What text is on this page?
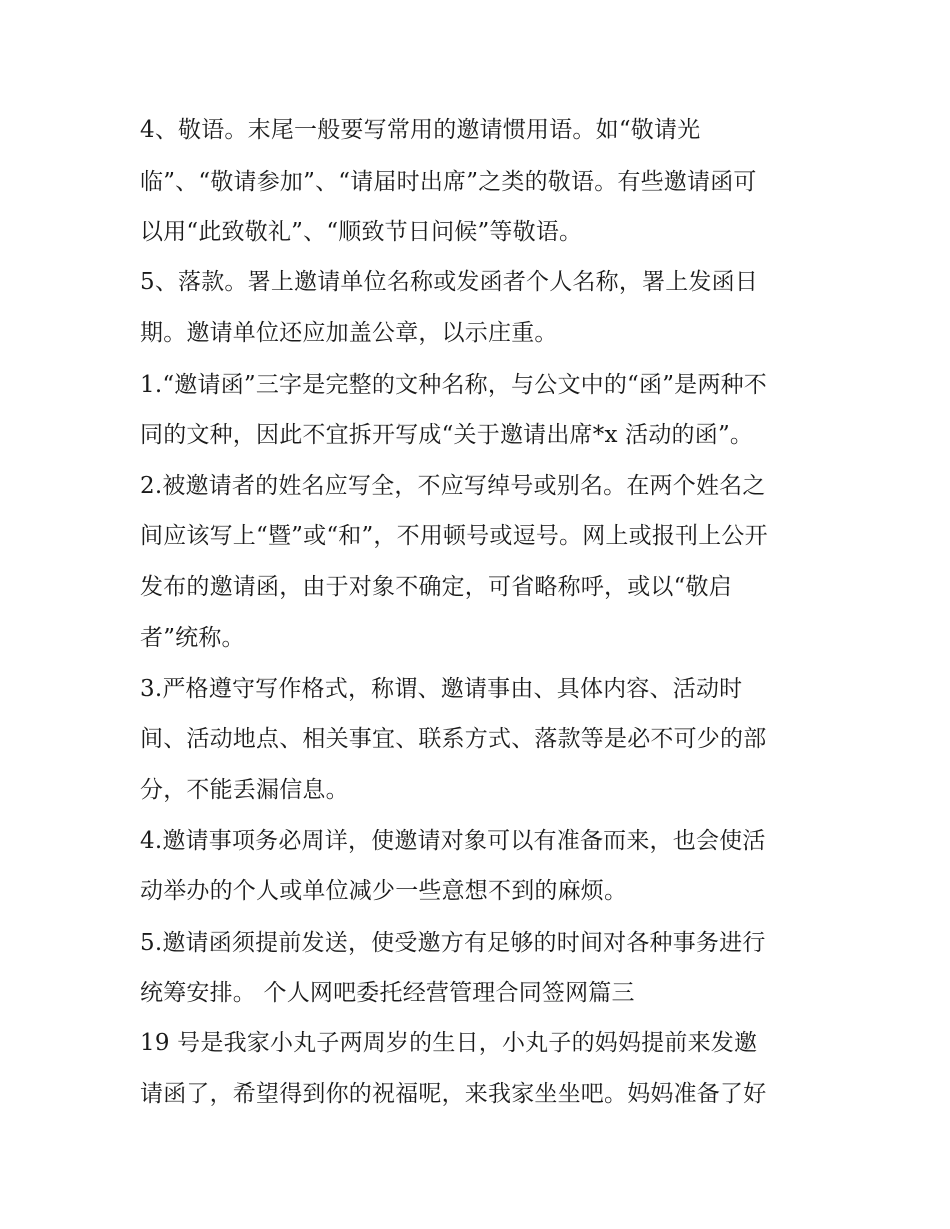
4、敬语。末尾一般要写常用的邀请惯用语。如“敬请光

临”、“敬请参加”、“请届时出席”之类的敬语。有些邀请函可

以用“此致敬礼”、“顺致节日问候”等敬语。

5、落款。署上邀请单位名称或发函者个人名称，署上发函日

期。邀请单位还应加盖公章，以示庄重。

1.“邀请函”三字是完整的文种名称，与公文中的“函”是两种不

同的文种，因此不宜拆开写成“关于邀请出席*x 活动的函”。

2.被邀请者的姓名应写全，不应写绰号或别名。在两个姓名之

间应该写上“暨”或“和”，不用顿号或逗号。网上或报刊上公开

发布的邀请函，由于对象不确定，可省略称呼，或以“敬启

者”统称。

3.严格遵守写作格式，称谓、邀请事由、具体内容、活动时

间、活动地点、相关事宜、联系方式、落款等是必不可少的部

分，不能丢漏信息。

4.邀请事项务必周详，使邀请对象可以有准备而来，也会使活

动举办的个人或单位减少一些意想不到的麻烦。

5.邀请函须提前发送，使受邀方有足够的时间对各种事务进行

统筹安排。 个人网吧委托经营管理合同签网篇三

19 号是我家小丸子两周岁的生日，小丸子的妈妈提前来发邀

请函了，希望得到你的祝福呢，来我家坐坐吧。妈妈准备了好
